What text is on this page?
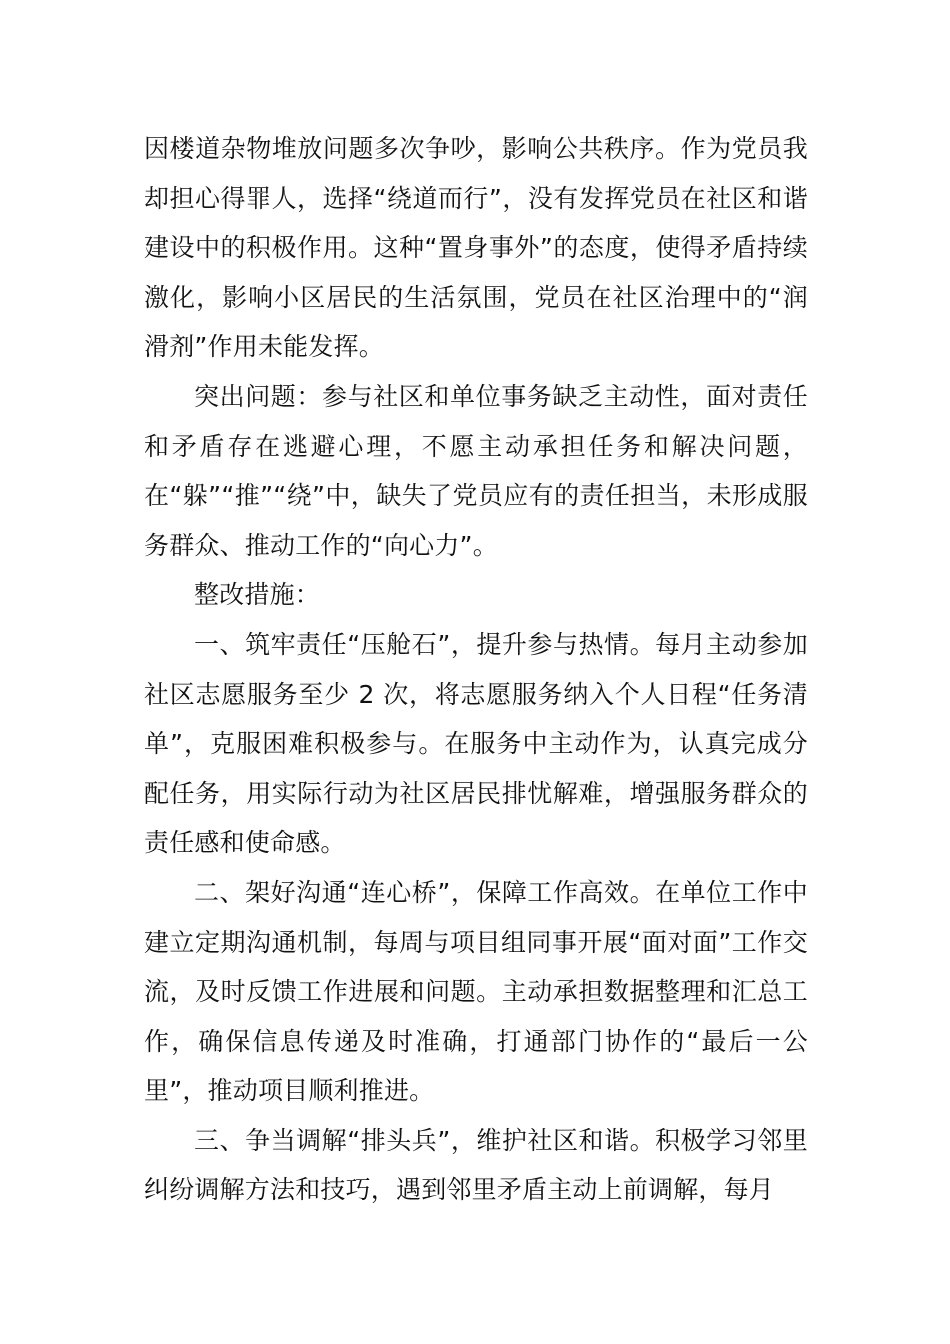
因楼道杂物堆放问题多次争吵，影响公共秩序。作为党员我却担心得罪人，选择“绕道而行”，没有发挥党员在社区和谐建设中的积极作用。这种“置身事外”的态度，使得矛盾持续激化，影响小区居民的生活氛围，党员在社区治理中的“润滑剂”作用未能发挥。

突出问题：参与社区和单位事务缺乏主动性，面对责任和矛盾存在逃避心理，不愿主动承担任务和解决问题，在“躲”“推”“绕”中，缺失了党员应有的责任担当，未形成服务群众、推动工作的“向心力”。

整改措施：

一、筑牢责任“压舱石”，提升参与热情。每月主动参加社区志愿服务至少 2 次，将志愿服务纳入个人日程“任务清单”，克服困难积极参与。在服务中主动作为，认真完成分配任务，用实际行动为社区居民排忧解难，增强服务群众的责任感和使命感。

二、架好沟通“连心桥”，保障工作高效。在单位工作中建立定期沟通机制，每周与项目组同事开展“面对面”工作交流，及时反馈工作进展和问题。主动承担数据整理和汇总工作，确保信息传递及时准确，打通部门协作的“最后一公里”，推动项目顺利推进。

三、争当调解“排头兵”，维护社区和谐。积极学习邻里纠纷调解方法和技巧，遇到邻里矛盾主动上前调解，每月
